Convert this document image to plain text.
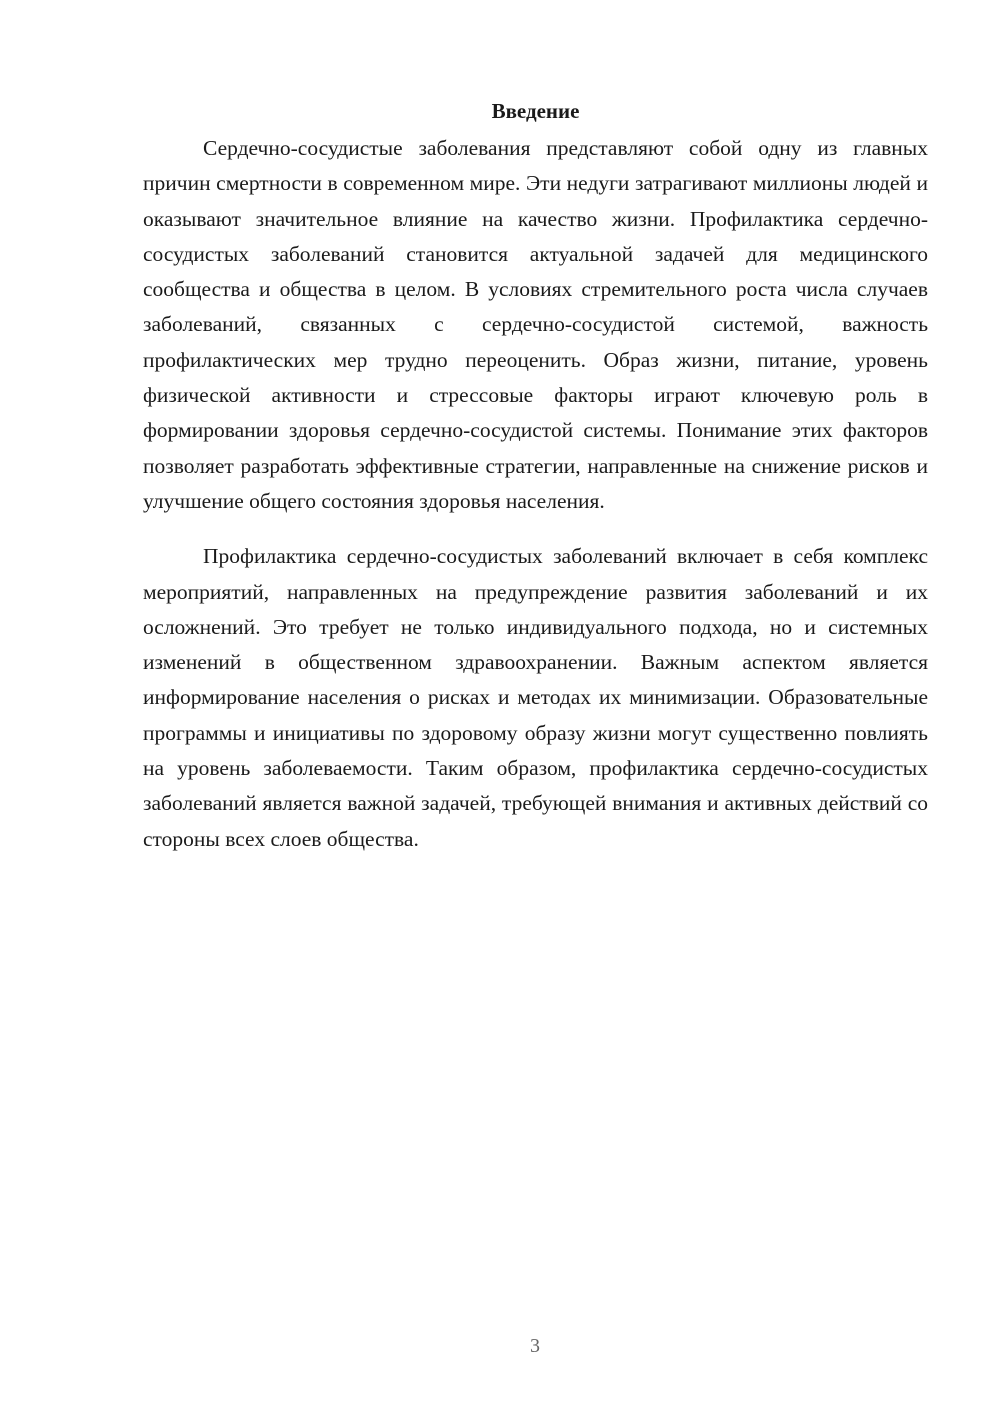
Введение

Сердечно-сосудистые заболевания представляют собой одну из главных причин смертности в современном мире. Эти недуги затрагивают миллионы людей и оказывают значительное влияние на качество жизни. Профилактика сердечно-сосудистых заболеваний становится актуальной задачей для медицинского сообщества и общества в целом. В условиях стремительного роста числа случаев заболеваний, связанных с сердечно-сосудистой системой, важность профилактических мер трудно переоценить. Образ жизни, питание, уровень физической активности и стрессовые факторы играют ключевую роль в формировании здоровья сердечно-сосудистой системы. Понимание этих факторов позволяет разработать эффективные стратегии, направленные на снижение рисков и улучшение общего состояния здоровья населения.

Профилактика сердечно-сосудистых заболеваний включает в себя комплекс мероприятий, направленных на предупреждение развития заболеваний и их осложнений. Это требует не только индивидуального подхода, но и системных изменений в общественном здравоохранении. Важным аспектом является информирование населения о рисках и методах их минимизации. Образовательные программы и инициативы по здоровому образу жизни могут существенно повлиять на уровень заболеваемости. Таким образом, профилактика сердечно-сосудистых заболеваний является важной задачей, требующей внимания и активных действий со стороны всех слоев общества.

3
